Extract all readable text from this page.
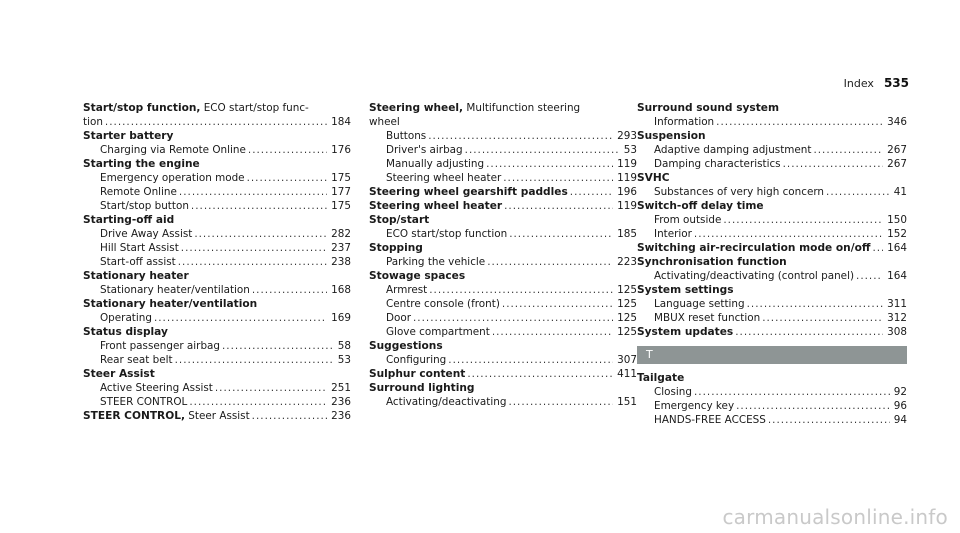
Index 535
Start/stop function, ECO start/stop func-
tion .....	184
Starter battery
Charging via Remote Online .....	176
Starting the engine
Emergency operation mode .....	175
Remote Online .....	177
Start/stop button .....	175
Starting-off aid
Drive Away Assist .....	282
Hill Start Assist .....	237
Start-off assist .....	238
Stationary heater
Stationary heater/ventilation .....	168
Stationary heater/ventilation
Operating .....	169
Status display
Front passenger airbag .....	58
Rear seat belt .....	53
Steer Assist
Active Steering Assist .....	251
STEER CONTROL .....	236
STEER CONTROL, Steer Assist .....	236
Steering wheel, Multifunction steering
wheel
Buttons .....	293
Driver's airbag .....	53
Manually adjusting .....	119
Steering wheel heater .....	119
Steering wheel gearshift paddles .....	196
Steering wheel heater .....	119
Stop/start
ECO start/stop function .....	185
Stopping
Parking the vehicle .....	223
Stowage spaces
Armrest .....	125
Centre console (front) .....	125
Door .....	125
Glove compartment .....	125
Suggestions
Configuring .....	307
Sulphur content .....	411
Surround lighting
Activating/deactivating .....	151
Surround sound system
Information .....	346
Suspension
Adaptive damping adjustment .....	267
Damping characteristics .....	267
SVHC
Substances of very high concern .....	41
Switch-off delay time
From outside .....	150
Interior .....	152
Switching air-recirculation mode on/off ..... 164
Synchronisation function
Activating/deactivating (control panel) .....	164
System settings
Language setting .....	311
MBUX reset function .....	312
System updates .....	308
T
Tailgate
Closing .....	92
Emergency key .....	96
HANDS-FREE ACCESS .....	94
carmanualsonline.info
